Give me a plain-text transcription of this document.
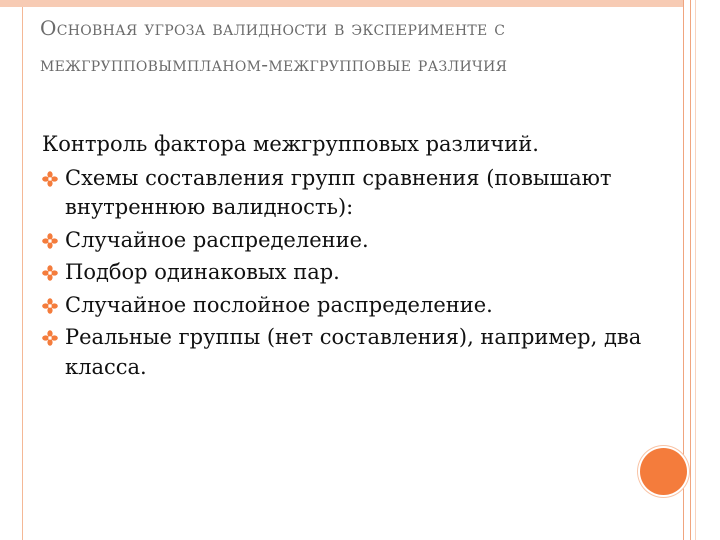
Основная угроза валидности в эксперименте с межгрупповымпланом-межгрупповые различия

Контроль фактора межгрупповых различий.

Схемы составления групп сравнения (повышают внутреннюю валидность):
Случайное распределение.
Подбор одинаковых пар.
Случайное послойное распределение.
Реальные группы (нет составления), например, два класса.
